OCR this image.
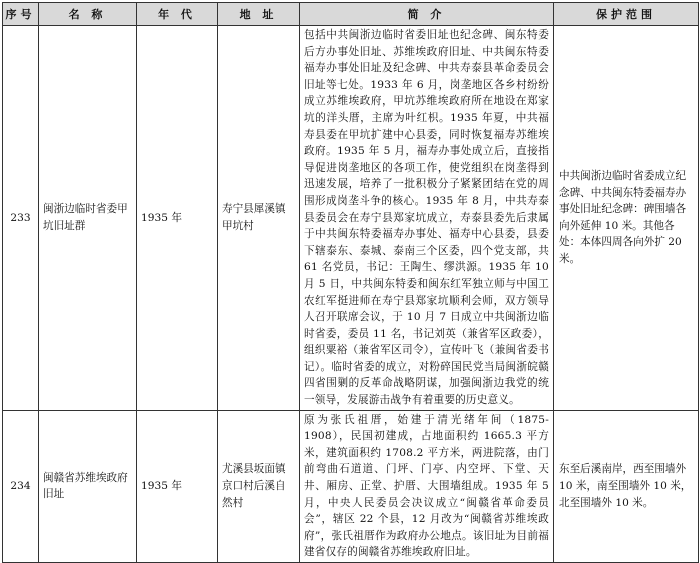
序号	名 称	年 代	地 址	简 介	保护范围
233	闽浙边临时省委甲坑旧址群	1935 年	寿宁县犀溪镇甲坑村	包括中共闽浙边临时省委旧址也纪念碑、闽东特委后方办事处旧址、苏维埃政府旧址、中共闽东特委福寿办事处旧址及纪念碑、中共寿泰县革命委员会旧址等七处。1933 年 6 月，岗垄地区各乡村纷纷成立苏维埃政府，甲坑苏维埃政府所在地设在郑家坑的洋头厝，主席为叶红枳。1935 年夏，中共福寿县委在甲坑扩建中心县委，同时恢复福寿苏维埃政府。1935 年 5 月，福寿办事处成立后，直接指导促进岗垄地区的各项工作，使党组织在岗垄得到迅速发展，培养了一批积极分子紧紧团结在党的周围形成岗垄斗争的核心。1935 年 8 月，中共寿泰县委员会在寿宁县郑家坑成立，寿泰县委先后隶属于中共闽东特委福寿办事处、福寿中心县委，县委下辖泰东、泰城、泰南三个区委，四个党支部，共 61 名党员，书记：王陶生、缪洪源。1935 年 10 月 5 日，中共闽东特委和闽东红军独立师与中国工农红军挺进师在寿宁县郑家坑顺利会师，双方领导人召开联席会议，于 10 月 7 日成立中共闽浙边临时省委，委员 11 名，书记刘英（兼省军区政委），组织粟裕（兼省军区司令），宣传叶飞（兼闽省委书记）。临时省委的成立，对粉碎国民党当局闽浙皖赣四省围剿的反革命战略阴谋，加强闽浙边我党的统一领导，发展游击战争有着重要的历史意义。	中共闽浙边临时省委成立纪念碑、中共闽东特委福寿办事处旧址纪念碑：碑围墙各向外延伸 10 米。其他各处：本体四周各向外扩 20 米。
234	闽赣省苏维埃政府旧址	1935 年	尤溪县坂面镇京口村后溪自然村	原为张氏祖厝，始建于清光绪年间（1875-1908），民国初建成，占地面积约 1665.3 平方米，建筑面积约 1708.2 平方米，两进院落，由门前弯曲石道道、门坪、门亭、内空坪、下堂、天井、厢房、正堂、护厝、大围墙组成。1935 年 5 月，中央人民委员会决议成立“闽赣省革命委员会”，辖区 22 个县，12 月改为“闽赣省苏维埃政府”，张氏祖厝作为政府办公地点。该旧址为目前福建省仅存的闽赣省苏维埃政府旧址。	东至后溪南岸，西至围墙外 10 米，南至围墙外 10 米，北至围墙外 10 米。
